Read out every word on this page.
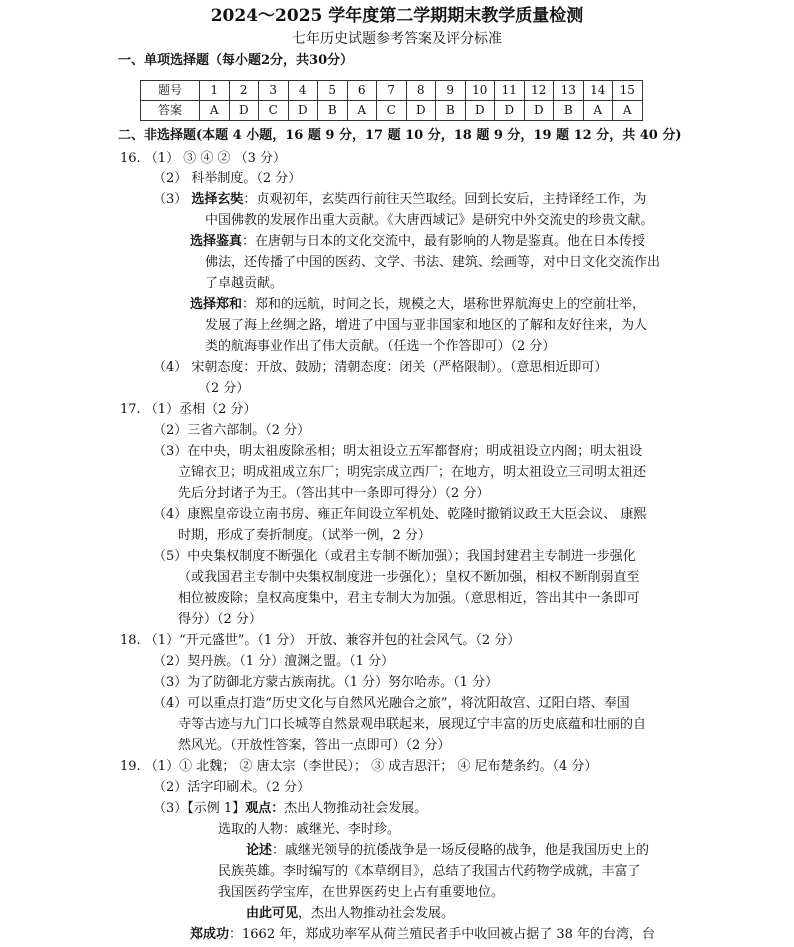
2024～2025 学年度第二学期期末教学质量检测
七年历史试题参考答案及评分标准
一、单项选择题（每小题2分，共30分）
题号	1	2	3	4	5	6	7	8	9	10	11	12	13	14	15
答案	A	D	C	D	B	A	C	D	B	D	D	D	B	A	A
二、非选择题(本题 4 小题，16 题 9 分，17 题 10 分，18 题 9 分，19 题 12 分，共 40 分)
16. （1） ③ ④ ② （3 分）
（2） 科举制度。（2 分）
（3） 选择玄奘：贞观初年，玄奘西行前往天竺取经。回到长安后，主持译经工作，为
中国佛教的发展作出重大贡献。《大唐西域记》是研究中外交流史的珍贵文献。
选择鉴真：在唐朝与日本的文化交流中，最有影响的人物是鉴真。他在日本传授
佛法，还传播了中国的医药、文学、书法、建筑、绘画等，对中日文化交流作出
了卓越贡献。
选择郑和：郑和的远航，时间之长，规模之大，堪称世界航海史上的空前壮举，
发展了海上丝绸之路，增进了中国与亚非国家和地区的了解和友好往来，为人
类的航海事业作出了伟大贡献。（任选一个作答即可）（2 分）
（4） 宋朝态度：开放、鼓励；清朝态度：闭关（严格限制）。（意思相近即可）
（2 分）
17. （1）丞相（2 分）
（2）三省六部制。（2 分）
（3）在中央，明太祖废除丞相；明太祖设立五军都督府；明成祖设立内阁；明太祖设
立锦衣卫；明成祖成立东厂；明宪宗成立西厂；在地方，明太祖设立三司明太祖还
先后分封诸子为王。（答出其中一条即可得分）（2 分）
（4）康熙皇帝设立南书房、雍正年间设立军机处、乾隆时撤销议政王大臣会议、 康熙
时期，形成了奏折制度。（试举一例，2 分）
（5）中央集权制度不断强化（或君主专制不断加强）；我国封建君主专制进一步强化
（或我国君主专制中央集权制度进一步强化）；皇权不断加强，相权不断削弱直至
相位被废除；皇权高度集中，君主专制大为加强。（意思相近，答出其中一条即可
得分）（2 分）
18. （1）“开元盛世”。（1 分） 开放、兼容并包的社会风气。（2 分）
（2）契丹族。（1 分）澶渊之盟。（1 分）
（3）为了防御北方蒙古族南扰。（1 分）努尔哈赤。（1 分）
（4）可以重点打造“历史文化与自然风光融合之旅”，将沈阳故宫、辽阳白塔、奉国
寺等古迹与九门口长城等自然景观串联起来，展现辽宁丰富的历史底蕴和壮丽的自
然风光。（开放性答案，答出一点即可）（2 分）
19. （1）① 北魏； ② 唐太宗（李世民）； ③ 成吉思汗； ④ 尼布楚条约。（4 分）
（2）活字印刷术。（2 分）
（3）【示例 1】观点：杰出人物推动社会发展。
选取的人物：戚继光、李时珍。
论述：戚继光领导的抗倭战争是一场反侵略的战争，他是我国历史上的
民族英雄。李时编写的《本草纲目》，总结了我国古代药物学成就，丰富了
我国医药学宝库，在世界医药史上占有重要地位。
由此可见，杰出人物推动社会发展。
郑成功：1662 年，郑成功率军从荷兰殖民者手中收回被占据了 38 年的台湾，台
